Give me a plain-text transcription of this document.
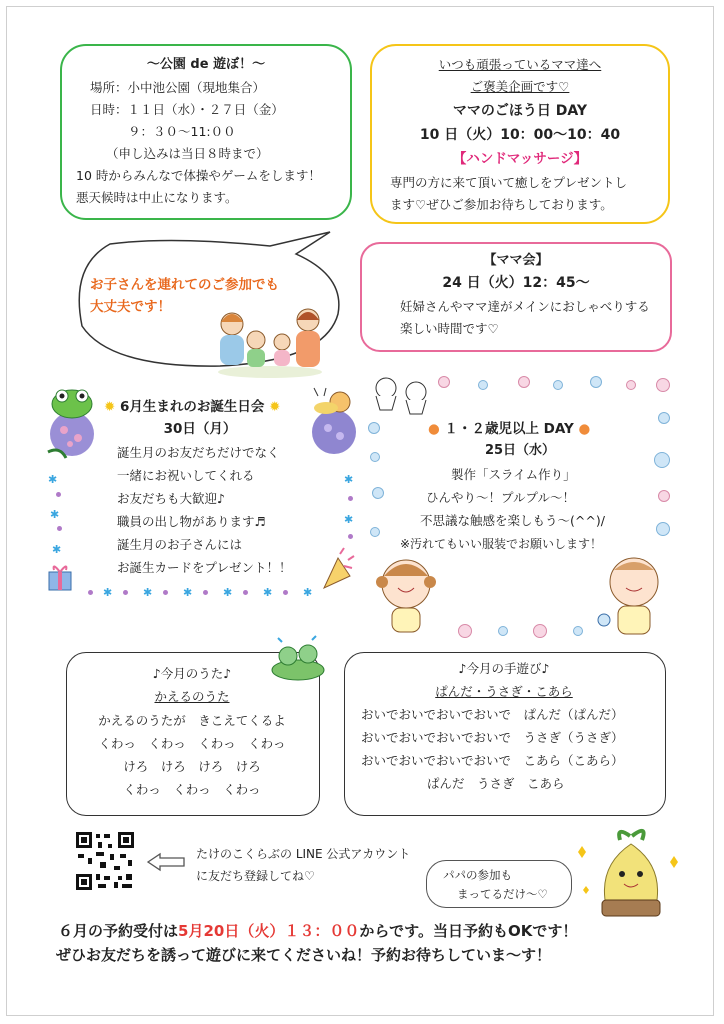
～公園 de 遊ぼ！～
場所：小中池公園（現地集合）
日時：１１日（水）・２７日（金）
９：３０～11:００
（申し込みは当日８時まで）
10 時からみんなで体操やゲームをします！
悪天候時は中止になります。
いつも頑張っているママ達へ
ご褒美企画です♡
ママのごほう日 DAY
10 日（火）10：00～10：40
【ハンドマッサージ】
専門の方に来て頂いて癒しをプレゼントし
ます♡ぜひご参加お待ちしております。
お子さんを連れてのご参加でも
大丈夫です！
【ママ会】
24 日（火）12：45～
妊婦さんやママ達がメインにおしゃべりする
楽しい時間です♡
✱
✱
✱
✱
✱
✱	✱	✱	✱	✱	✱
✹ 6月生まれのお誕生日会 ✹
30日（月）
誕生月のお友だちだけでなく
一緒にお祝いしてくれる
お友だちも大歓迎♪
職員の出し物があります♬
誕生月のお子さんには
お誕生カードをプレゼント！！
● １・２歳児以上 DAY ●
25日（水）
製作「スライム作り」
ひんやり～！プルプル～！
不思議な触感を楽しもう～(^^)/
※汚れてもいい服装でお願いします！
♪今月のうた♪
かえるのうた
かえるのうたが　きこえてくるよ
くわっ　くわっ　くわっ　くわっ
けろ　けろ　けろ　けろ
くわっ　くわっ　くわっ
♪今月の手遊び♪
ぱんだ・うさぎ・こあら
おいでおいでおいでおいで　ぱんだ（ぱんだ）
おいでおいでおいでおいで　うさぎ（うさぎ）
おいでおいでおいでおいで　こあら（こあら）
ぱんだ　うさぎ　こあら
たけのこくらぶの LINE 公式アカウント
に友だち登録してね♡	パパの参加も
まってるだけ～♡
６月の予約受付は5月20日（火）１３：００からです。当日予約もOKです！
ぜひお友だちを誘って遊びに来てくださいね！予約お待ちしていま～す！
